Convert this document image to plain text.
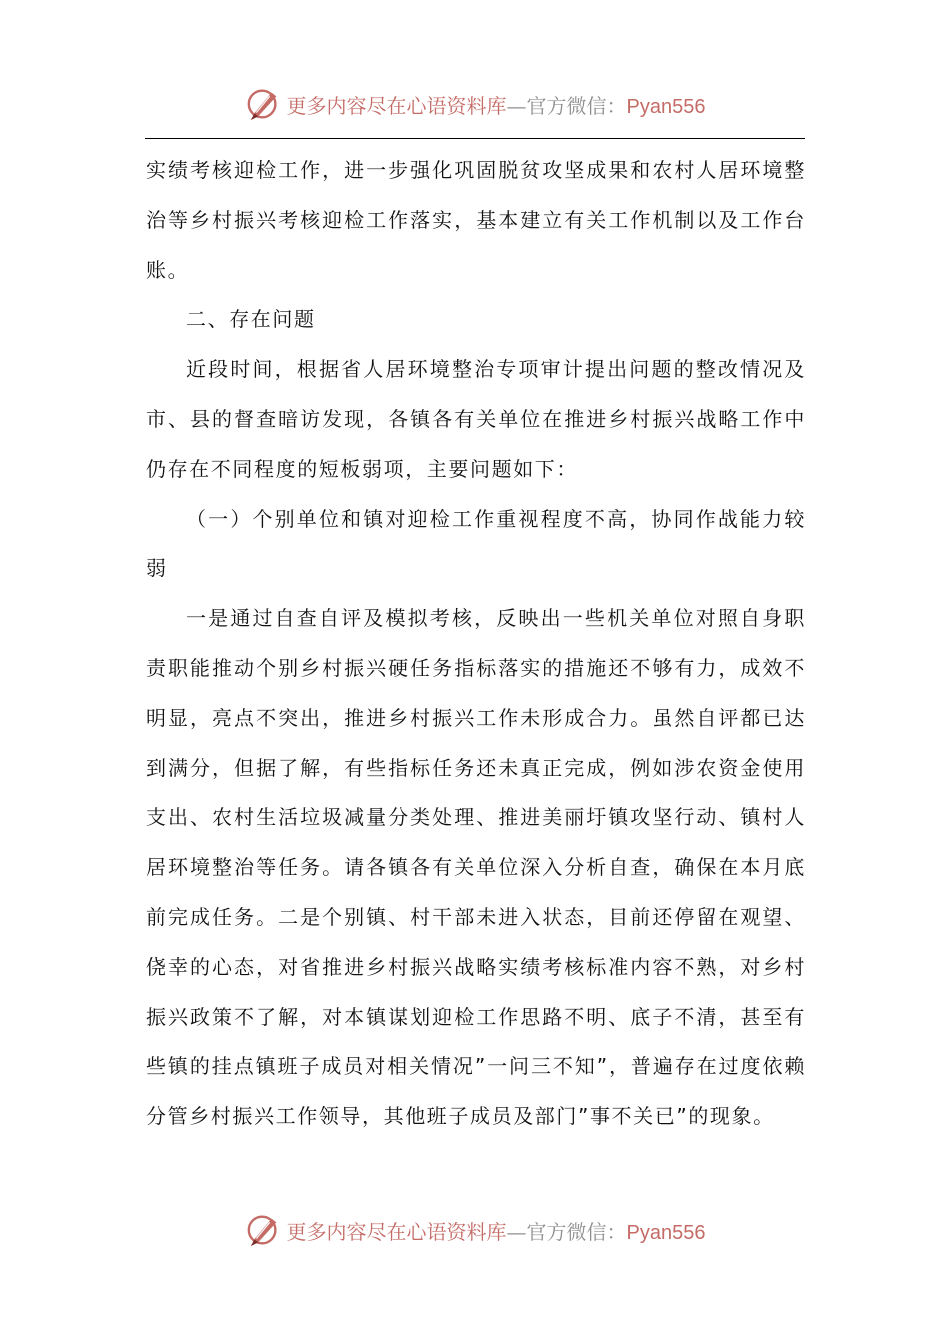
更多内容尽在心语资料库—官方微信：Pyan556

实绩考核迎检工作，进一步强化巩固脱贫攻坚成果和农村人居环境整治等乡村振兴考核迎检工作落实，基本建立有关工作机制以及工作台账。

二、存在问题

近段时间，根据省人居环境整治专项审计提出问题的整改情况及市、县的督查暗访发现，各镇各有关单位在推进乡村振兴战略工作中仍存在不同程度的短板弱项，主要问题如下：

（一）个别单位和镇对迎检工作重视程度不高，协同作战能力较弱

一是通过自查自评及模拟考核，反映出一些机关单位对照自身职责职能推动个别乡村振兴硬任务指标落实的措施还不够有力，成效不明显，亮点不突出，推进乡村振兴工作未形成合力。虽然自评都已达到满分，但据了解，有些指标任务还未真正完成，例如涉农资金使用支出、农村生活垃圾减量分类处理、推进美丽圩镇攻坚行动、镇村人居环境整治等任务。请各镇各有关单位深入分析自查，确保在本月底前完成任务。二是个别镇、村干部未进入状态，目前还停留在观望、侥幸的心态，对省推进乡村振兴战略实绩考核标准内容不熟，对乡村振兴政策不了解，对本镇谋划迎检工作思路不明、底子不清，甚至有些镇的挂点镇班子成员对相关情况”一问三不知”，普遍存在过度依赖分管乡村振兴工作领导，其他班子成员及部门”事不关已”的现象。

更多内容尽在心语资料库—官方微信：Pyan556
